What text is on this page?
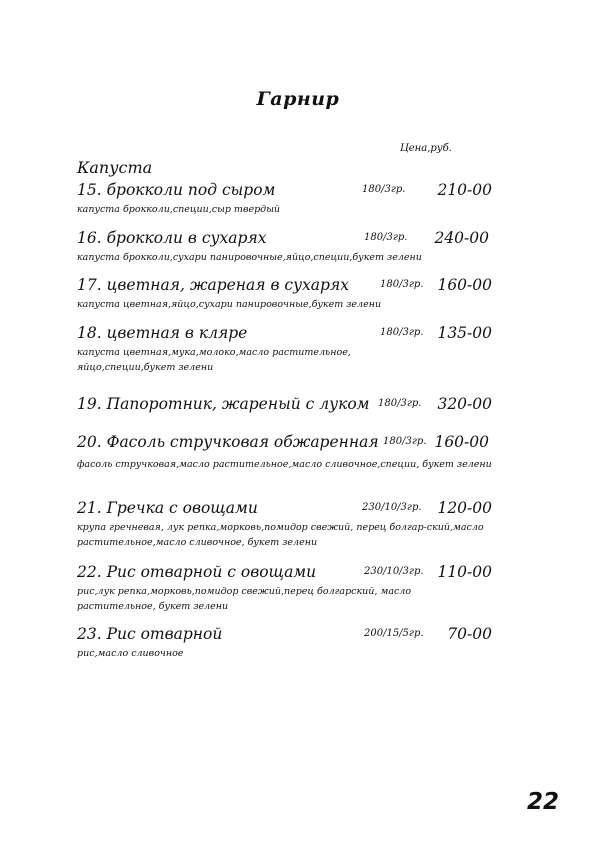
Гарнир
Цена,руб.
Капуста
15. брокколи под сыром	180/3гр. 210-00
капуста брокколи,специи,сыр твердый
16. брокколи в сухарях	180/3гр. 240-00
капуста брокколи,сухари панировочные,яйцо,специи,букет зелени
17. цветная, жареная в сухарях	180/3гр. 160-00
капуста цветная,яйцо,сухари панировочные,букет зелени
18. цветная в кляре	180/3гр. 135-00
капуста цветная,мука,молоко,масло растительное, яйцо,специи,букет зелени
19. Папоротник, жареный с луком 180/3гр. 320-00
20. Фасоль стручковая обжаренная 180/3гр. 160-00
фасоль стручковая,масло растительное,масло сливочное,специи, букет зелени
21. Гречка с овощами	230/10/3гр. 120-00
крупа гречневая, лук репка,морковь,помидор свежий, перец болгар-ский,масло растительное,масло сливочное, букет зелени
22. Рис отварной с овощами	230/10/3гр. 110-00
рис,лук репка,морковь,помидор свежий,перец болгарский, масло растительное, букет зелени
23. Рис отварной	200/15/5гр. 70-00
рис,масло сливочное
22
